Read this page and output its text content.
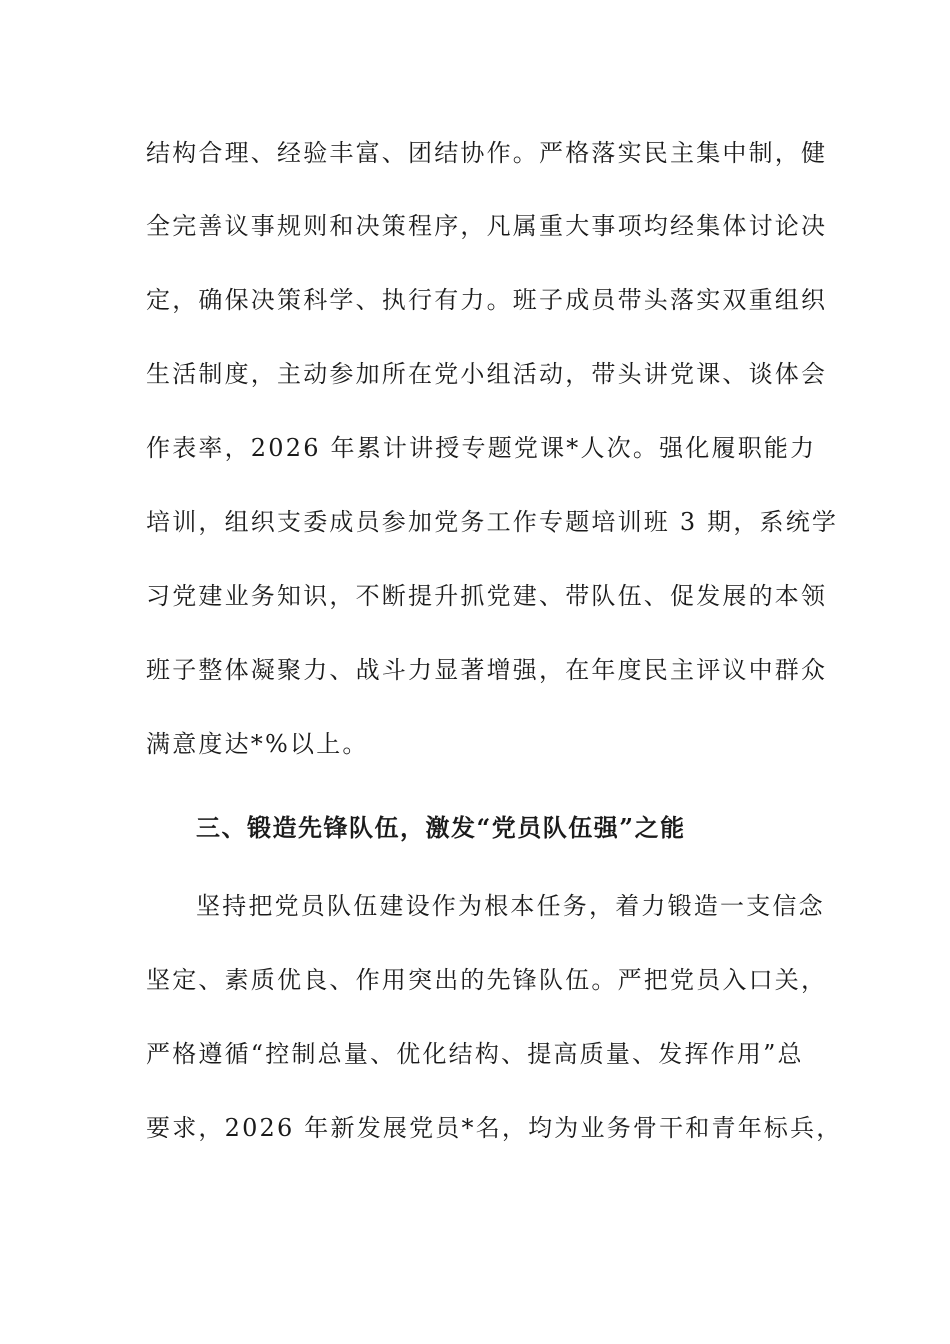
结构合理、经验丰富、团结协作。严格落实民主集中制，健
全完善议事规则和决策程序，凡属重大事项均经集体讨论决
定，确保决策科学、执行有力。班子成员带头落实双重组织
生活制度，主动参加所在党小组活动，带头讲党课、谈体会
作表率，2026 年累计讲授专题党课*人次。强化履职能力
培训，组织支委成员参加党务工作专题培训班 3 期，系统学
习党建业务知识，不断提升抓党建、带队伍、促发展的本领
班子整体凝聚力、战斗力显著增强，在年度民主评议中群众
满意度达*%以上。
三、锻造先锋队伍，激发“党员队伍强”之能
坚持把党员队伍建设作为根本任务，着力锻造一支信念
坚定、素质优良、作用突出的先锋队伍。严把党员入口关，
严格遵循“控制总量、优化结构、提高质量、发挥作用”总
要求，2026 年新发展党员*名，均为业务骨干和青年标兵，
